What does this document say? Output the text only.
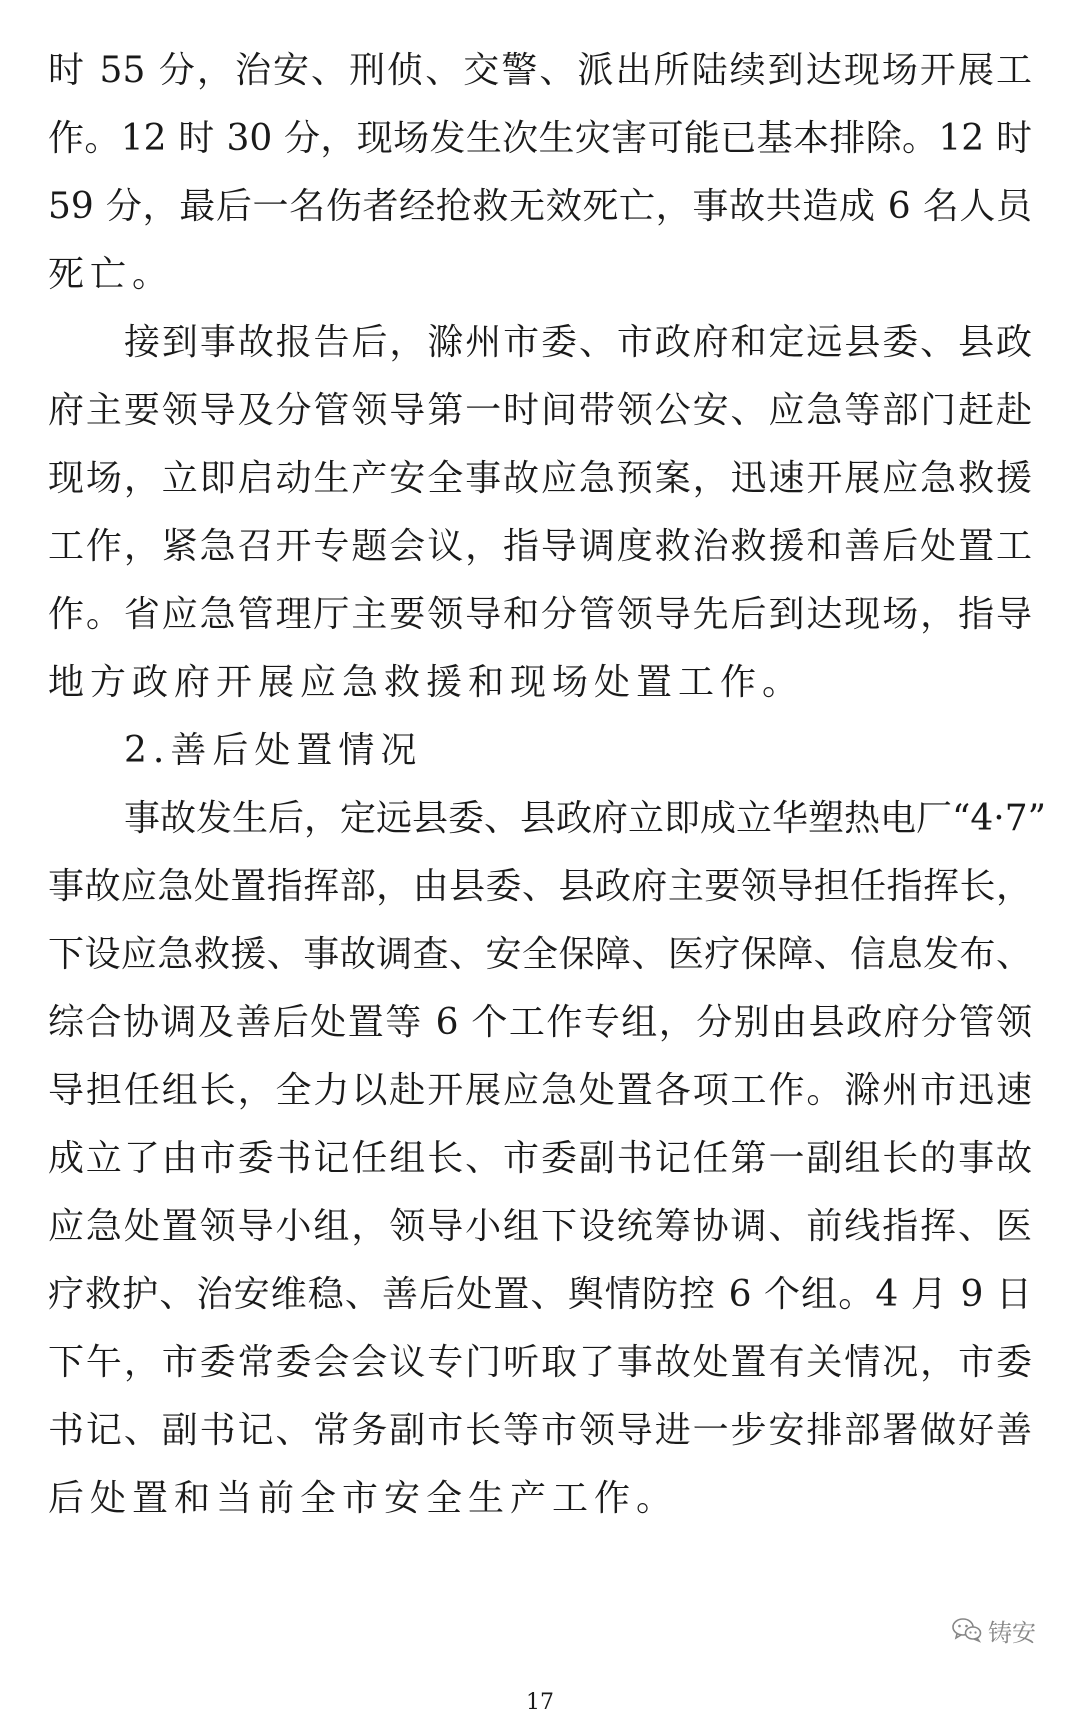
时 55 分，治安、刑侦、交警、派出所陆续到达现场开展工
作。12 时 30 分，现场发生次生灾害可能已基本排除。12 时
59 分，最后一名伤者经抢救无效死亡，事故共造成 6 名人员
死亡。
接到事故报告后，滁州市委、市政府和定远县委、县政
府主要领导及分管领导第一时间带领公安、应急等部门赶赴
现场，立即启动生产安全事故应急预案，迅速开展应急救援
工作，紧急召开专题会议，指导调度救治救援和善后处置工
作。省应急管理厅主要领导和分管领导先后到达现场，指导
地方政府开展应急救援和现场处置工作。
2.善后处置情况
事故发生后，定远县委、县政府立即成立华塑热电厂“4·7”
事故应急处置指挥部，由县委、县政府主要领导担任指挥长，
下设应急救援、事故调查、安全保障、医疗保障、信息发布、
综合协调及善后处置等 6 个工作专组，分别由县政府分管领
导担任组长，全力以赴开展应急处置各项工作。滁州市迅速
成立了由市委书记任组长、市委副书记任第一副组长的事故
应急处置领导小组，领导小组下设统筹协调、前线指挥、医
疗救护、治安维稳、善后处置、舆情防控 6 个组。4 月 9 日
下午，市委常委会会议专门听取了事故处置有关情况，市委
书记、副书记、常务副市长等市领导进一步安排部署做好善
后处置和当前全市安全生产工作。
铸安
17
